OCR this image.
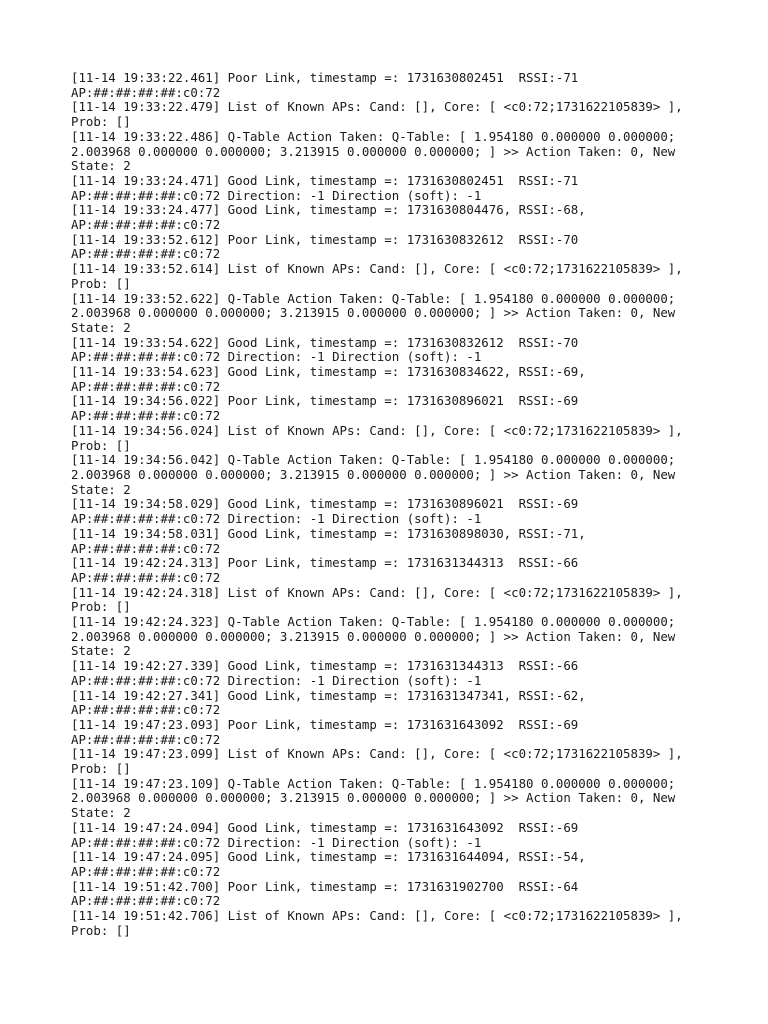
[11-14 19:33:22.461] Poor Link, timestamp =: 1731630802451  RSSI:-71 AP:##:##:##:##:c0:72

[11-14 19:33:22.479] List of Known APs: Cand: [], Core: [ <c0:72;1731622105839> ], Prob: []

[11-14 19:33:22.486] Q-Table Action Taken: Q-Table: [ 1.954180 0.000000 0.000000; 2.003968 0.000000 0.000000; 3.213915 0.000000 0.000000; ] >> Action Taken: 0, New State: 2

[11-14 19:33:24.471] Good Link, timestamp =: 1731630802451  RSSI:-71 AP:##:##:##:##:c0:72 Direction: -1 Direction (soft): -1

[11-14 19:33:24.477] Good Link, timestamp =: 1731630804476, RSSI:-68, AP:##:##:##:##:c0:72

[11-14 19:33:52.612] Poor Link, timestamp =: 1731630832612  RSSI:-70 AP:##:##:##:##:c0:72

[11-14 19:33:52.614] List of Known APs: Cand: [], Core: [ <c0:72;1731622105839> ], Prob: []

[11-14 19:33:52.622] Q-Table Action Taken: Q-Table: [ 1.954180 0.000000 0.000000; 2.003968 0.000000 0.000000; 3.213915 0.000000 0.000000; ] >> Action Taken: 0, New State: 2

[11-14 19:33:54.622] Good Link, timestamp =: 1731630832612  RSSI:-70 AP:##:##:##:##:c0:72 Direction: -1 Direction (soft): -1

[11-14 19:33:54.623] Good Link, timestamp =: 1731630834622, RSSI:-69, AP:##:##:##:##:c0:72

[11-14 19:34:56.022] Poor Link, timestamp =: 1731630896021  RSSI:-69 AP:##:##:##:##:c0:72

[11-14 19:34:56.024] List of Known APs: Cand: [], Core: [ <c0:72;1731622105839> ], Prob: []

[11-14 19:34:56.042] Q-Table Action Taken: Q-Table: [ 1.954180 0.000000 0.000000; 2.003968 0.000000 0.000000; 3.213915 0.000000 0.000000; ] >> Action Taken: 0, New State: 2

[11-14 19:34:58.029] Good Link, timestamp =: 1731630896021  RSSI:-69 AP:##:##:##:##:c0:72 Direction: -1 Direction (soft): -1

[11-14 19:34:58.031] Good Link, timestamp =: 1731630898030, RSSI:-71, AP:##:##:##:##:c0:72

[11-14 19:42:24.313] Poor Link, timestamp =: 1731631344313  RSSI:-66 AP:##:##:##:##:c0:72

[11-14 19:42:24.318] List of Known APs: Cand: [], Core: [ <c0:72;1731622105839> ], Prob: []

[11-14 19:42:24.323] Q-Table Action Taken: Q-Table: [ 1.954180 0.000000 0.000000; 2.003968 0.000000 0.000000; 3.213915 0.000000 0.000000; ] >> Action Taken: 0, New State: 2

[11-14 19:42:27.339] Good Link, timestamp =: 1731631344313  RSSI:-66 AP:##:##:##:##:c0:72 Direction: -1 Direction (soft): -1

[11-14 19:42:27.341] Good Link, timestamp =: 1731631347341, RSSI:-62, AP:##:##:##:##:c0:72

[11-14 19:47:23.093] Poor Link, timestamp =: 1731631643092  RSSI:-69 AP:##:##:##:##:c0:72

[11-14 19:47:23.099] List of Known APs: Cand: [], Core: [ <c0:72;1731622105839> ], Prob: []

[11-14 19:47:23.109] Q-Table Action Taken: Q-Table: [ 1.954180 0.000000 0.000000; 2.003968 0.000000 0.000000; 3.213915 0.000000 0.000000; ] >> Action Taken: 0, New State: 2

[11-14 19:47:24.094] Good Link, timestamp =: 1731631643092  RSSI:-69 AP:##:##:##:##:c0:72 Direction: -1 Direction (soft): -1

[11-14 19:47:24.095] Good Link, timestamp =: 1731631644094, RSSI:-54, AP:##:##:##:##:c0:72

[11-14 19:51:42.700] Poor Link, timestamp =: 1731631902700  RSSI:-64 AP:##:##:##:##:c0:72

[11-14 19:51:42.706] List of Known APs: Cand: [], Core: [ <c0:72;1731622105839> ], Prob: []
